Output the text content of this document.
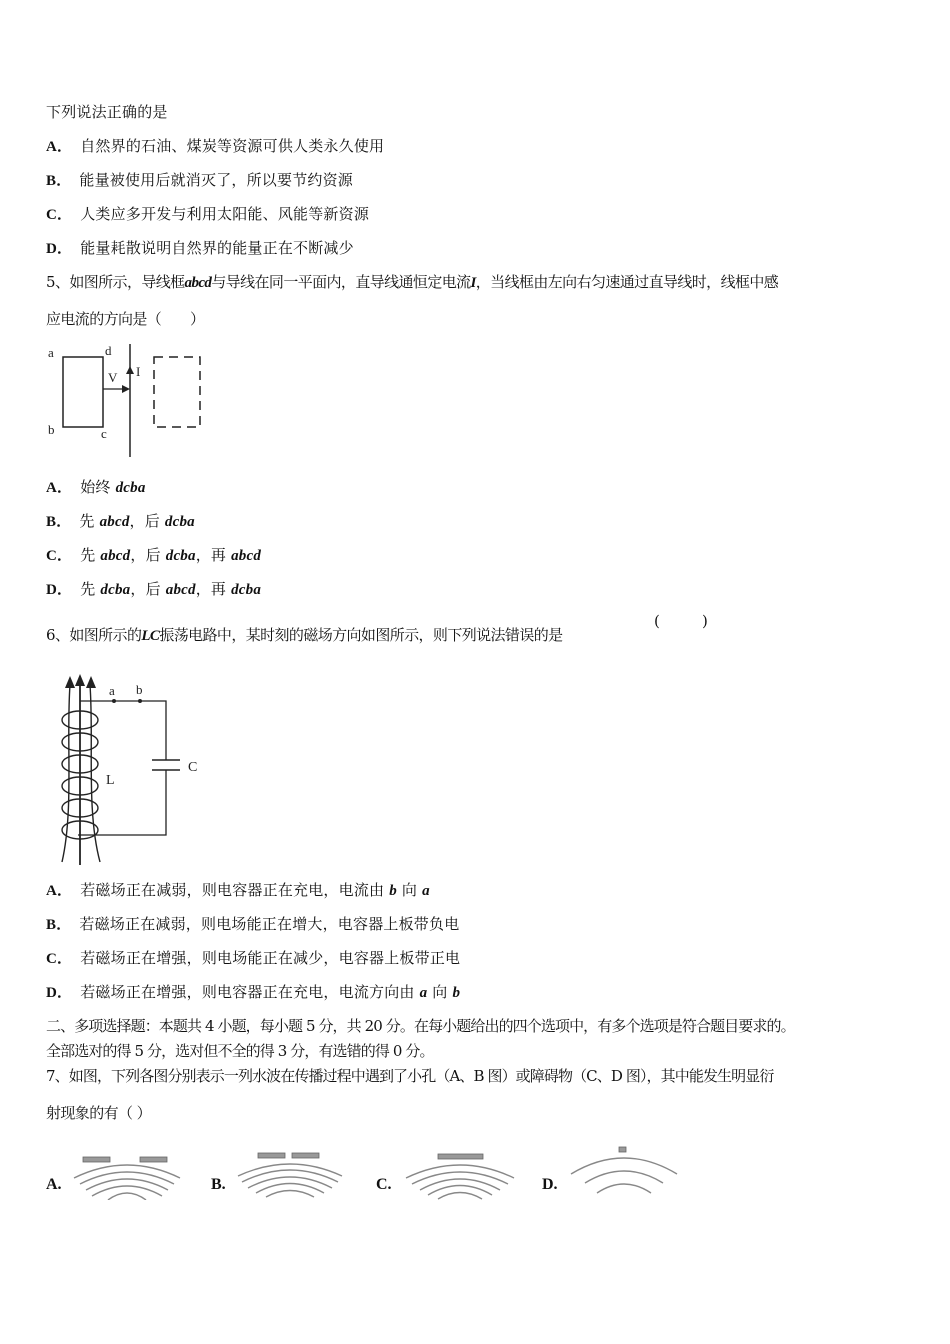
下列说法正确的是
A． 自然界的石油、煤炭等资源可供人类永久使用
B． 能量被使用后就消灭了，所以要节约资源
C． 人类应多开发与利用太阳能、风能等新资源
D． 能量耗散说明自然界的能量正在不断减少
5、如图所示，导线框abcd与导线在同一平面内，直导线通恒定电流I，当线框由左向右匀速通过直导线时，线框中感
应电流的方向是（　　）
a	d
b	c
V I
A． 始终 dcba
B． 先 abcd，后 dcba
C． 先 abcd，后 dcba，再 abcd
D． 先 dcba，后 abcd，再 dcba
6、如图所示的LC振荡电路中，某时刻的磁场方向如图所示，则下列说法错误的是
(	)
a b
L
C
A． 若磁场正在减弱，则电容器正在充电，电流由 b 向 a
B． 若磁场正在减弱，则电场能正在增大，电容器上板带负电
C． 若磁场正在增强，则电场能正在减少，电容器上板带正电
D． 若磁场正在增强，则电容器正在充电，电流方向由 a 向 b
二、多项选择题：本题共 4 小题，每小题 5 分，共 20 分。在每小题给出的四个选项中，有多个选项是符合题目要求的。
全部选对的得 5 分，选对但不全的得 3 分，有选错的得 0 分。
7、如图，下列各图分别表示一列水波在传播过程中遇到了小孔（A、B 图）或障碍物（C、D 图），其中能发生明显衍
射现象的有（ ）
A.	B.	C.	D.
